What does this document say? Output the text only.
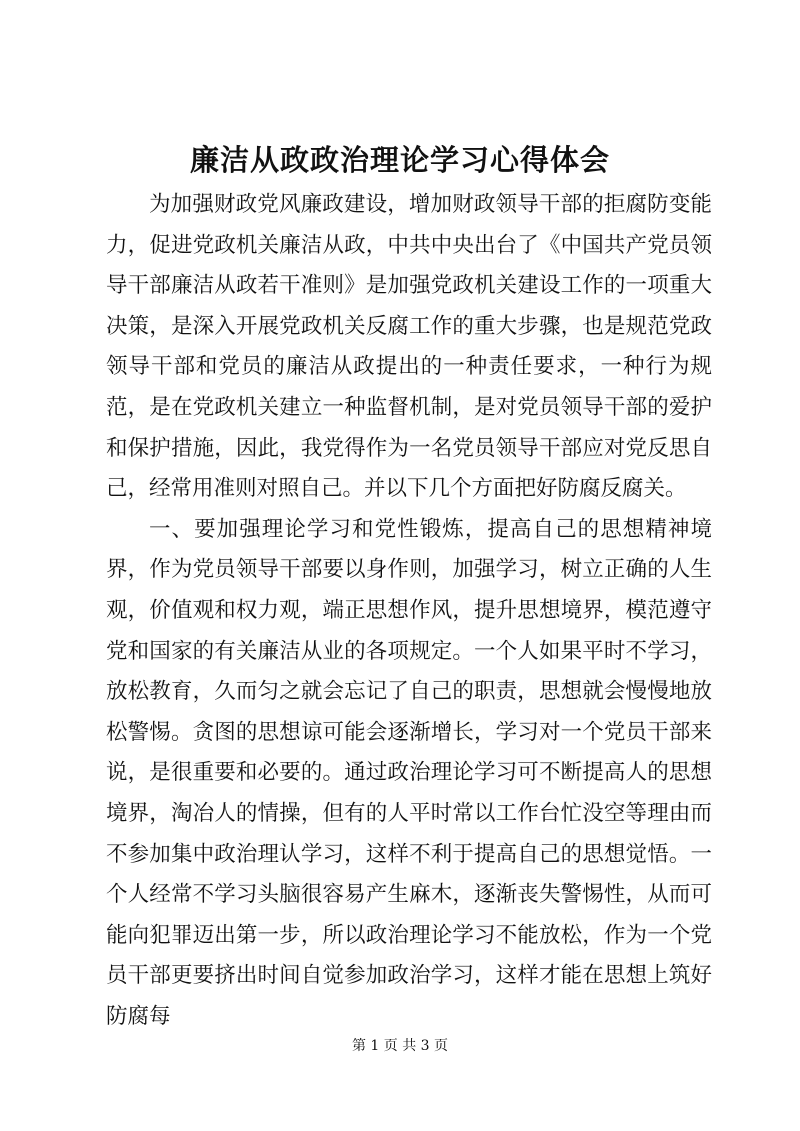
廉洁从政政治理论学习心得体会

为加强财政党风廉政建设，增加财政领导干部的拒腐防变能力，促进党政机关廉洁从政，中共中央出台了《中国共产党员领导干部廉洁从政若干准则》是加强党政机关建设工作的一项重大决策，是深入开展党政机关反腐工作的重大步骤，也是规范党政领导干部和党员的廉洁从政提出的一种责任要求，一种行为规范，是在党政机关建立一种监督机制，是对党员领导干部的爱护和保护措施，因此，我党得作为一名党员领导干部应对党反思自己，经常用准则对照自己。并以下几个方面把好防腐反腐关。

一、要加强理论学习和党性锻炼，提高自己的思想精神境界，作为党员领导干部要以身作则，加强学习，树立正确的人生观，价值观和权力观，端正思想作风，提升思想境界，模范遵守党和国家的有关廉洁从业的各项规定。一个人如果平时不学习，放松教育，久而匀之就会忘记了自己的职责，思想就会慢慢地放松警惕。贪图的思想谅可能会逐渐增长，学习对一个党员干部来说，是很重要和必要的。通过政治理论学习可不断提高人的思想境界，淘冶人的情操，但有的人平时常以工作台忙没空等理由而不参加集中政治理认学习，这样不利于提高自己的思想觉悟。一个人经常不学习头脑很容易产生麻木，逐渐丧失警惕性，从而可能向犯罪迈出第一步，所以政治理论学习不能放松，作为一个党员干部更要挤出时间自觉参加政治学习，这样才能在思想上筑好防腐每

第 1 页 共 3 页
